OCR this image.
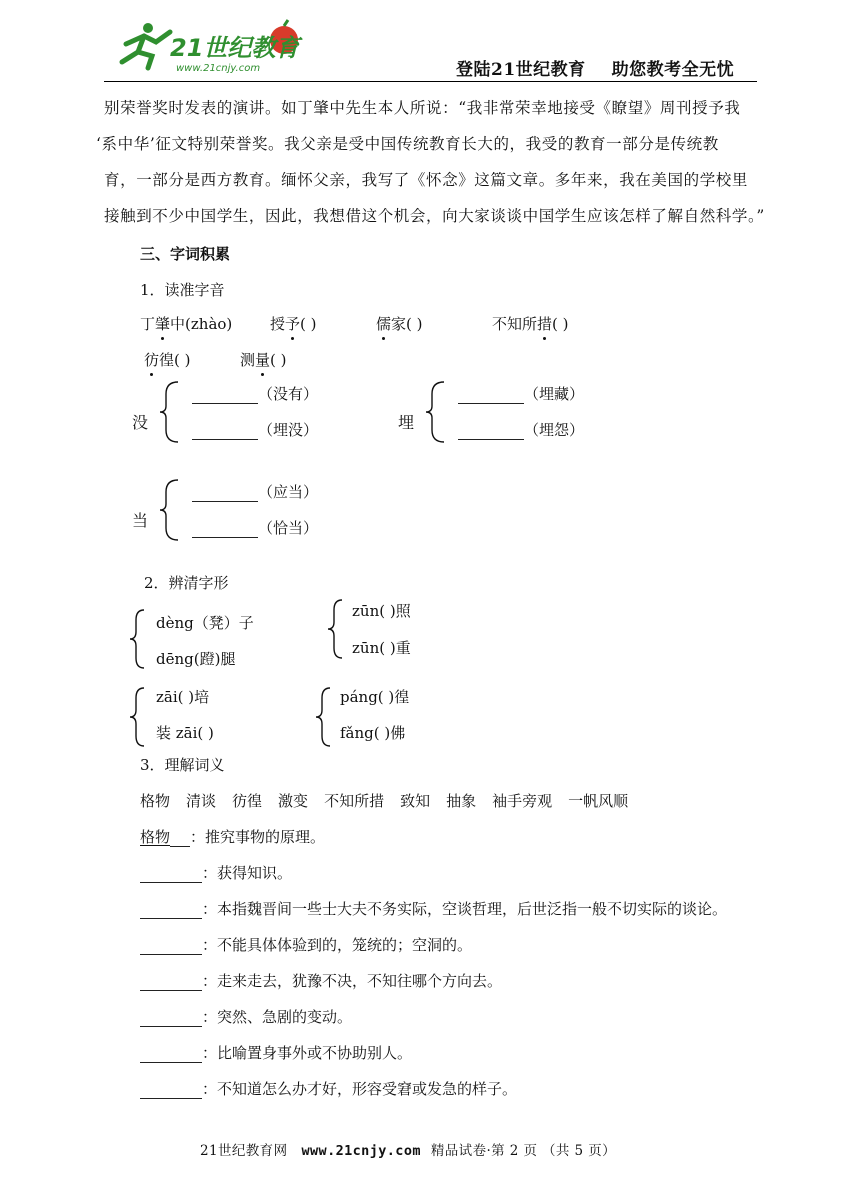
21世纪教育
www.21cnjy.com	登陆21世纪教育 助您教考全无忧
别荣誉奖时发表的演讲。如丁肇中先生本人所说：“我非常荣幸地接受《瞭望》周刊授予我
‘系中华’征文特别荣誉奖。我父亲是受中国传统教育长大的，我受的教育一部分是传统教
育，一部分是西方教育。缅怀父亲，我写了《怀念》这篇文章。多年来，我在美国的学校里
接触到不少中国学生，因此，我想借这个机会，向大家谈谈中国学生应该怎样了解自然科学。”
三、字词积累
1．读准字音
丁肇中(zhào)	授予( )	儒家( )	不知所措( )
彷徨( )	测量( )
没
（没有）
（埋没）	埋
（埋藏）
（埋怨）
当
（应当）
（恰当）
2．辨清字形
dèng（凳）子
dēng(蹬)腿
zūn( )照
zūn( )重
zāi( )培
装 zāi( )
páng( )徨
fǎng( )佛
3．理解词义
格物 清谈 彷徨 激变 不知所措 致知 抽象 袖手旁观 一帆风顺
格物 ：推究事物的原理。
：获得知识。
：本指魏晋间一些士大夫不务实际，空谈哲理，后世泛指一般不切实际的谈论。
：不能具体体验到的，笼统的；空洞的。
：走来走去，犹豫不决，不知往哪个方向去。
：突然、急剧的变动。
：比喻置身事外或不协助别人。
：不知道怎么办才好，形容受窘或发急的样子。
21世纪教育网 www.21cnjy.com 精品试卷·第 2 页 （共 5 页）
